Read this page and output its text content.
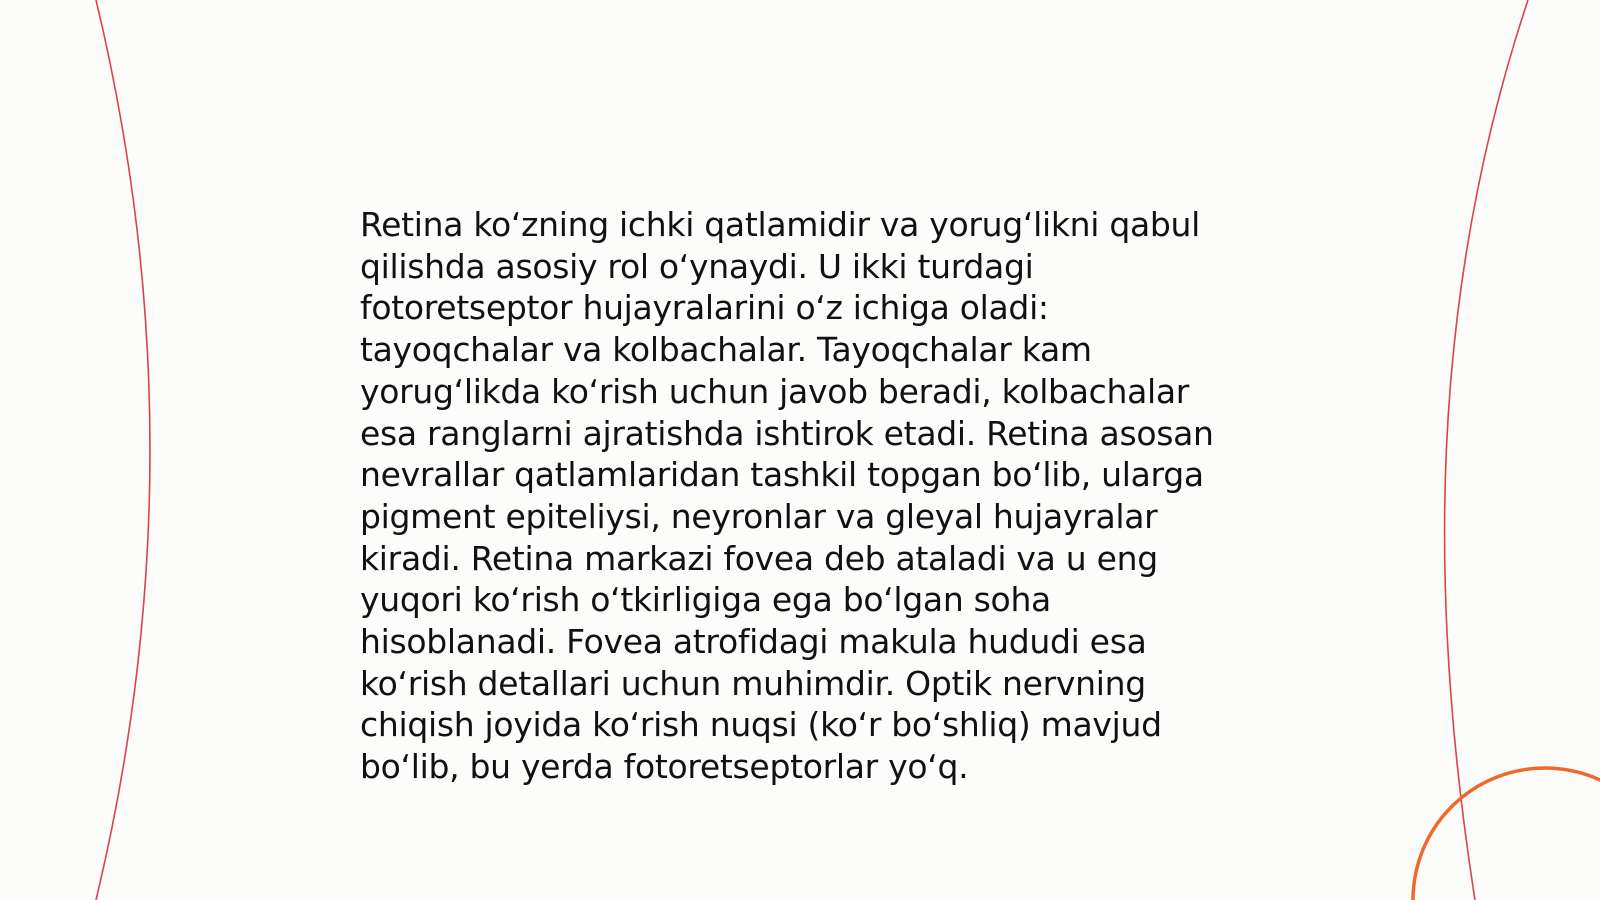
Retina koʻzning ichki qatlamidir va yorugʻlikni qabul qilishda asosiy rol oʻynaydi. U ikki turdagi fotoretseptor hujayralarini oʻz ichiga oladi: tayoqchalar va kolbachalar. Tayoqchalar kam yorugʻlikda koʻrish uchun javob beradi, kolbachalar esa ranglarni ajratishda ishtirok etadi. Retina asosan nevrallar qatlamlaridan tashkil topgan boʻlib, ularga pigment epiteliysi, neyronlar va gleyal hujayralar kiradi. Retina markazi fovea deb ataladi va u eng yuqori koʻrish oʻtkirligiga ega boʻlgan soha hisoblanadi. Fovea atrofidagi makula hududi esa koʻrish detallari uchun muhimdir. Optik nervning chiqish joyida koʻrish nuqsi (koʻr boʻshliq) mavjud boʻlib, bu yerda fotoretseptorlar yoʻq.
